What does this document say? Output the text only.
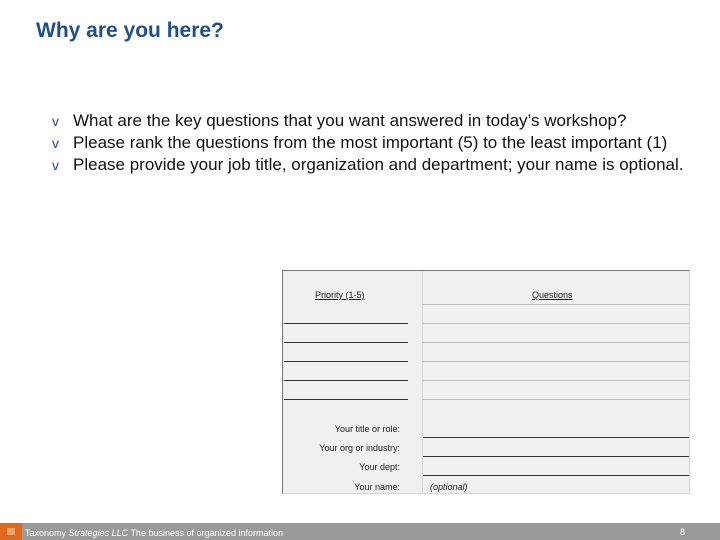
Why are you here?
v What are the key questions that you want answered in today’s workshop?
v Please rank the questions from the most important (5) to the least important (1)
v Please provide your job title, organization and department; your name is optional.
Priority (1-5)	Questions
Your title or role:
Your org or industry:
Your dept:
Your name:	(optional)
Taxonomy Strategies LLC The business of organized information	8
